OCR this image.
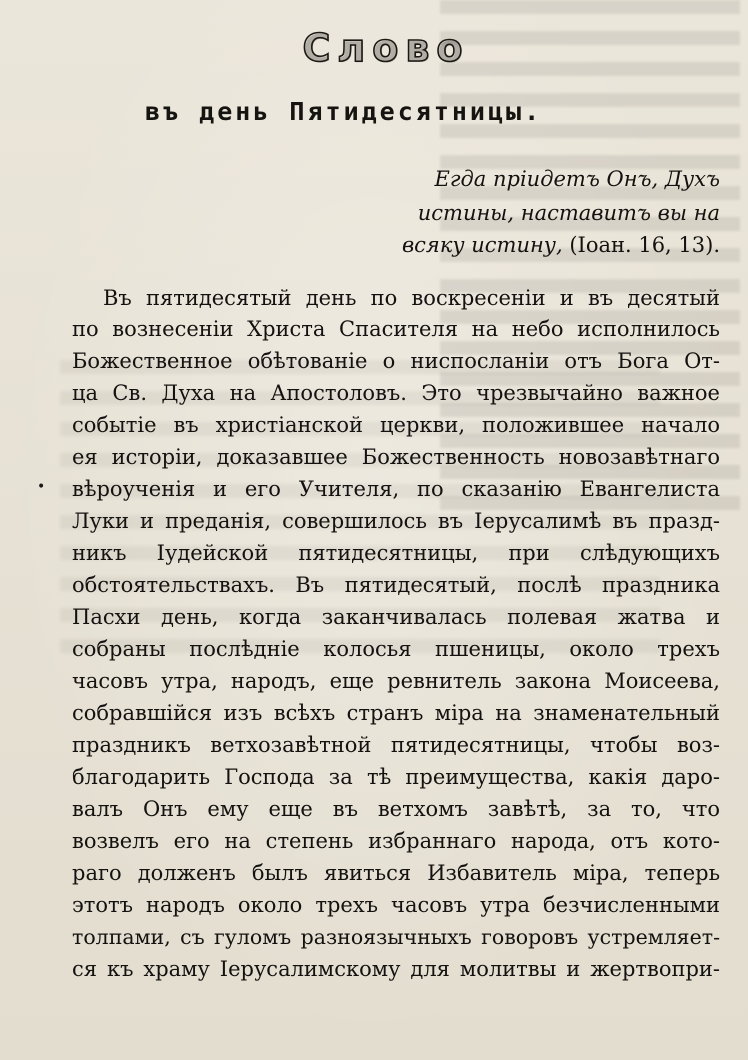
Слово
въ день Пятидесятницы.
Егда пріидетъ Онъ, Духъ
истины, наставитъ вы на
всяку истину, (Іоан. 16, 13).
•
Въ пятидесятый день по воскресеніи и въ десятый
по вознесеніи Христа Спасителя на небо исполнилось
Божественное обѣтованіе о ниспосланіи отъ Бога От-
ца Св. Духа на Апостоловъ. Это чрезвычайно важное
событіе въ христіанской церкви, положившее начало
ея исторіи, доказавшее Божественность новозавѣтнаго
вѣроученія и его Учителя, по сказанію Евангелиста
Луки и преданія, совершилось въ Іерусалимѣ въ празд-
никъ Іудейской пятидесятницы, при слѣдующихъ
обстоятельствахъ. Въ пятидесятый, послѣ праздника
Пасхи день, когда заканчивалась полевая жатва и
собраны послѣдніе колосья пшеницы, около трехъ
часовъ утра, народъ, еще ревнитель закона Моисеева,
собравшійся изъ всѣхъ странъ міра на знаменательный
праздникъ ветхозавѣтной пятидесятницы, чтобы воз-
благодарить Господа за тѣ преимущества, какія даро-
валъ Онъ ему еще въ ветхомъ завѣтѣ, за то, что
возвелъ его на степень избраннаго народа, отъ кото-
раго долженъ былъ явиться Избавитель міра, теперь
этотъ народъ около трехъ часовъ утра безчисленными
толпами, съ гуломъ разноязычныхъ говоровъ устремляет-
ся къ храму Іерусалимскому для молитвы и жертвопри-
